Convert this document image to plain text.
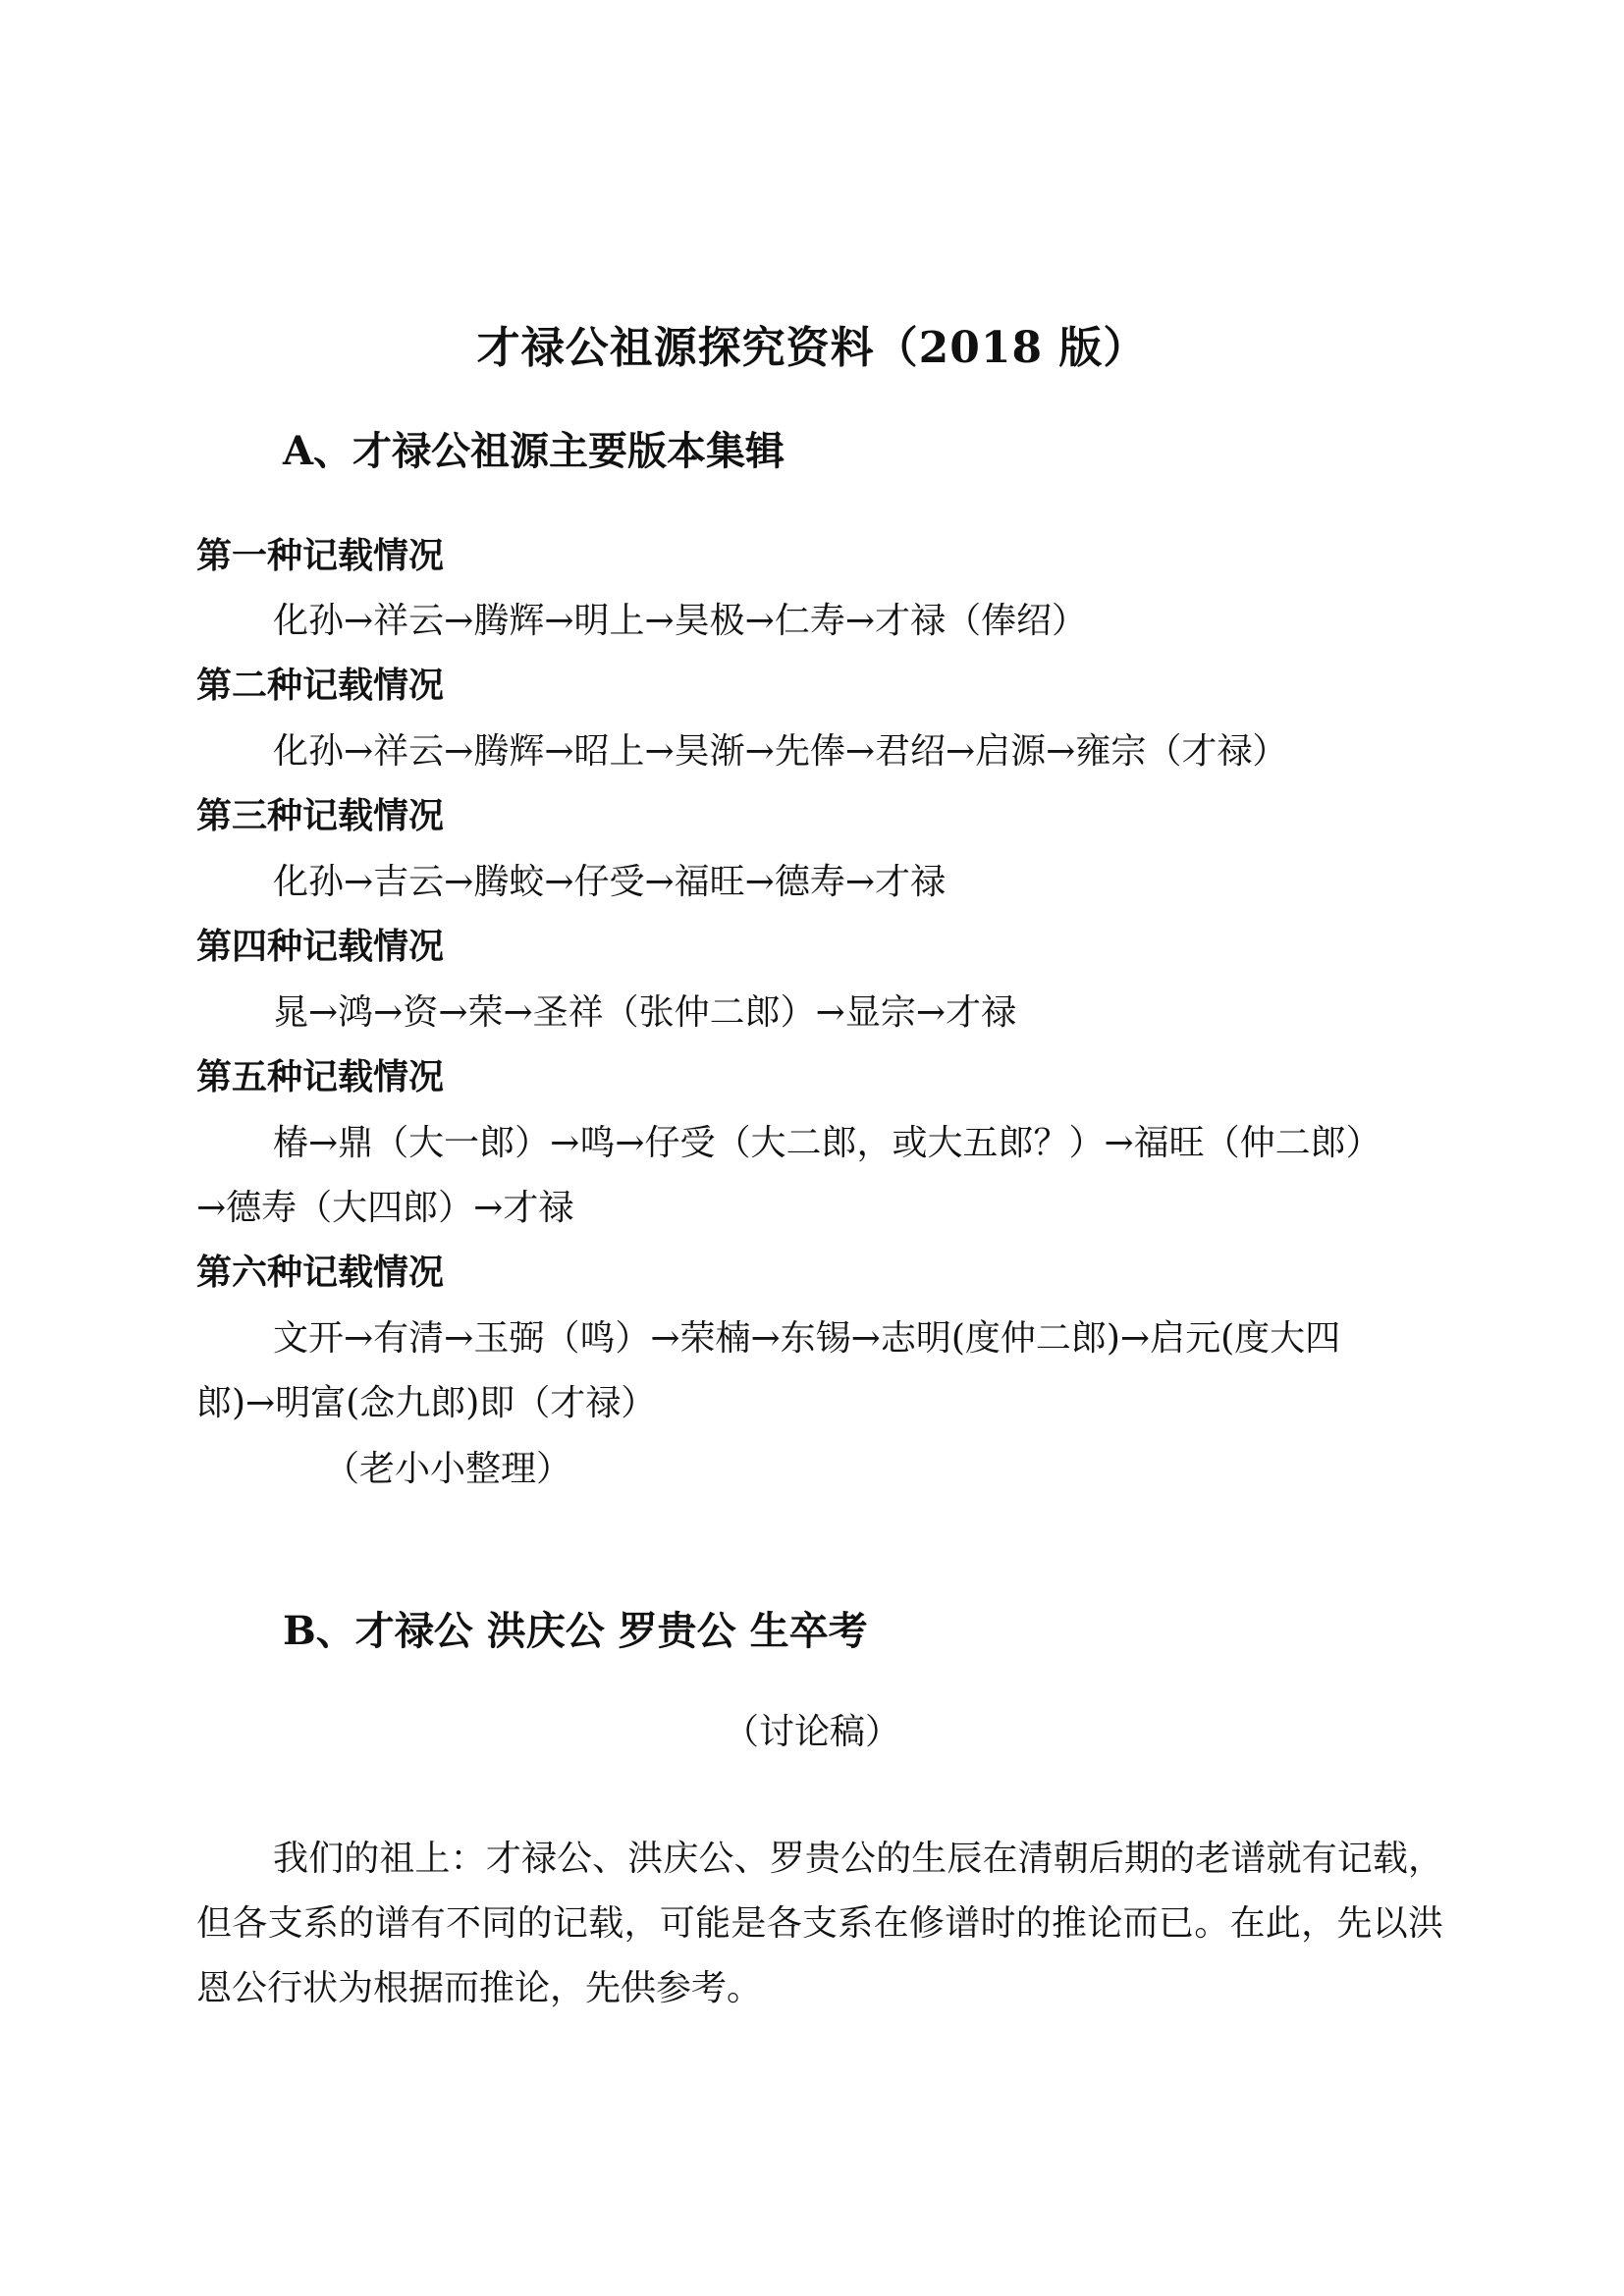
才禄公祖源探究资料（2018 版）
A、才禄公祖源主要版本集辑
第一种记载情况
化孙→祥云→腾辉→明上→昊极→仁寿→才禄（俸绍）
第二种记载情况
化孙→祥云→腾辉→昭上→昊渐→先俸→君绍→启源→雍宗（才禄）
第三种记载情况
化孙→吉云→腾蛟→仔受→福旺→德寿→才禄
第四种记载情况
晁→鸿→资→荣→圣祥（张仲二郎）→显宗→才禄
第五种记载情况
椿→鼎（大一郎）→鸣→仔受（大二郎，或大五郎？）→福旺（仲二郎）
→德寿（大四郎）→才禄
第六种记载情况
文开→有清→玉弼（鸣）→荣楠→东锡→志明(度仲二郎)→启元(度大四
郎)→明富(念九郎)即（才禄）
（老小小整理）
B、才禄公 洪庆公 罗贵公 生卒考
（讨论稿）
我们的祖上：才禄公、洪庆公、罗贵公的生辰在清朝后期的老谱就有记载，但各支系的谱有不同的记载，可能是各支系在修谱时的推论而已。在此，先以洪恩公行状为根据而推论，先供参考。
